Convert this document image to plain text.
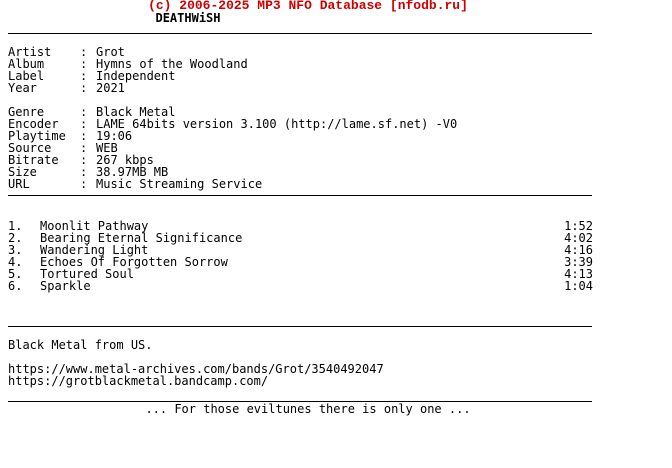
(c) 2006-2025 MP3 NFO Database [nfodb.ru]
DEATHWiSH
Artist	: Grot
Album	: Hymns of the Woodland
Label	: Independent
Year	: 2021
Genre	: Black Metal
Encoder	: LAME 64bits version 3.100 (http://lame.sf.net) -V0
Playtime	: 19:06
Source	: WEB
Bitrate	: 267 kbps
Size	: 38.97MB MB
URL	: Music Streaming Service
1.	Moonlit Pathway	1:52
2.	Bearing Eternal Significance	4:02
3.	Wandering Light	4:16
4.	Echoes Of Forgotten Sorrow	3:39
5.	Tortured Soul	4:13
6.	Sparkle	1:04
Black Metal from US.
https://www.metal-archives.com/bands/Grot/3540492047
https://grotblackmetal.bandcamp.com/
... For those eviltunes there is only one ...
